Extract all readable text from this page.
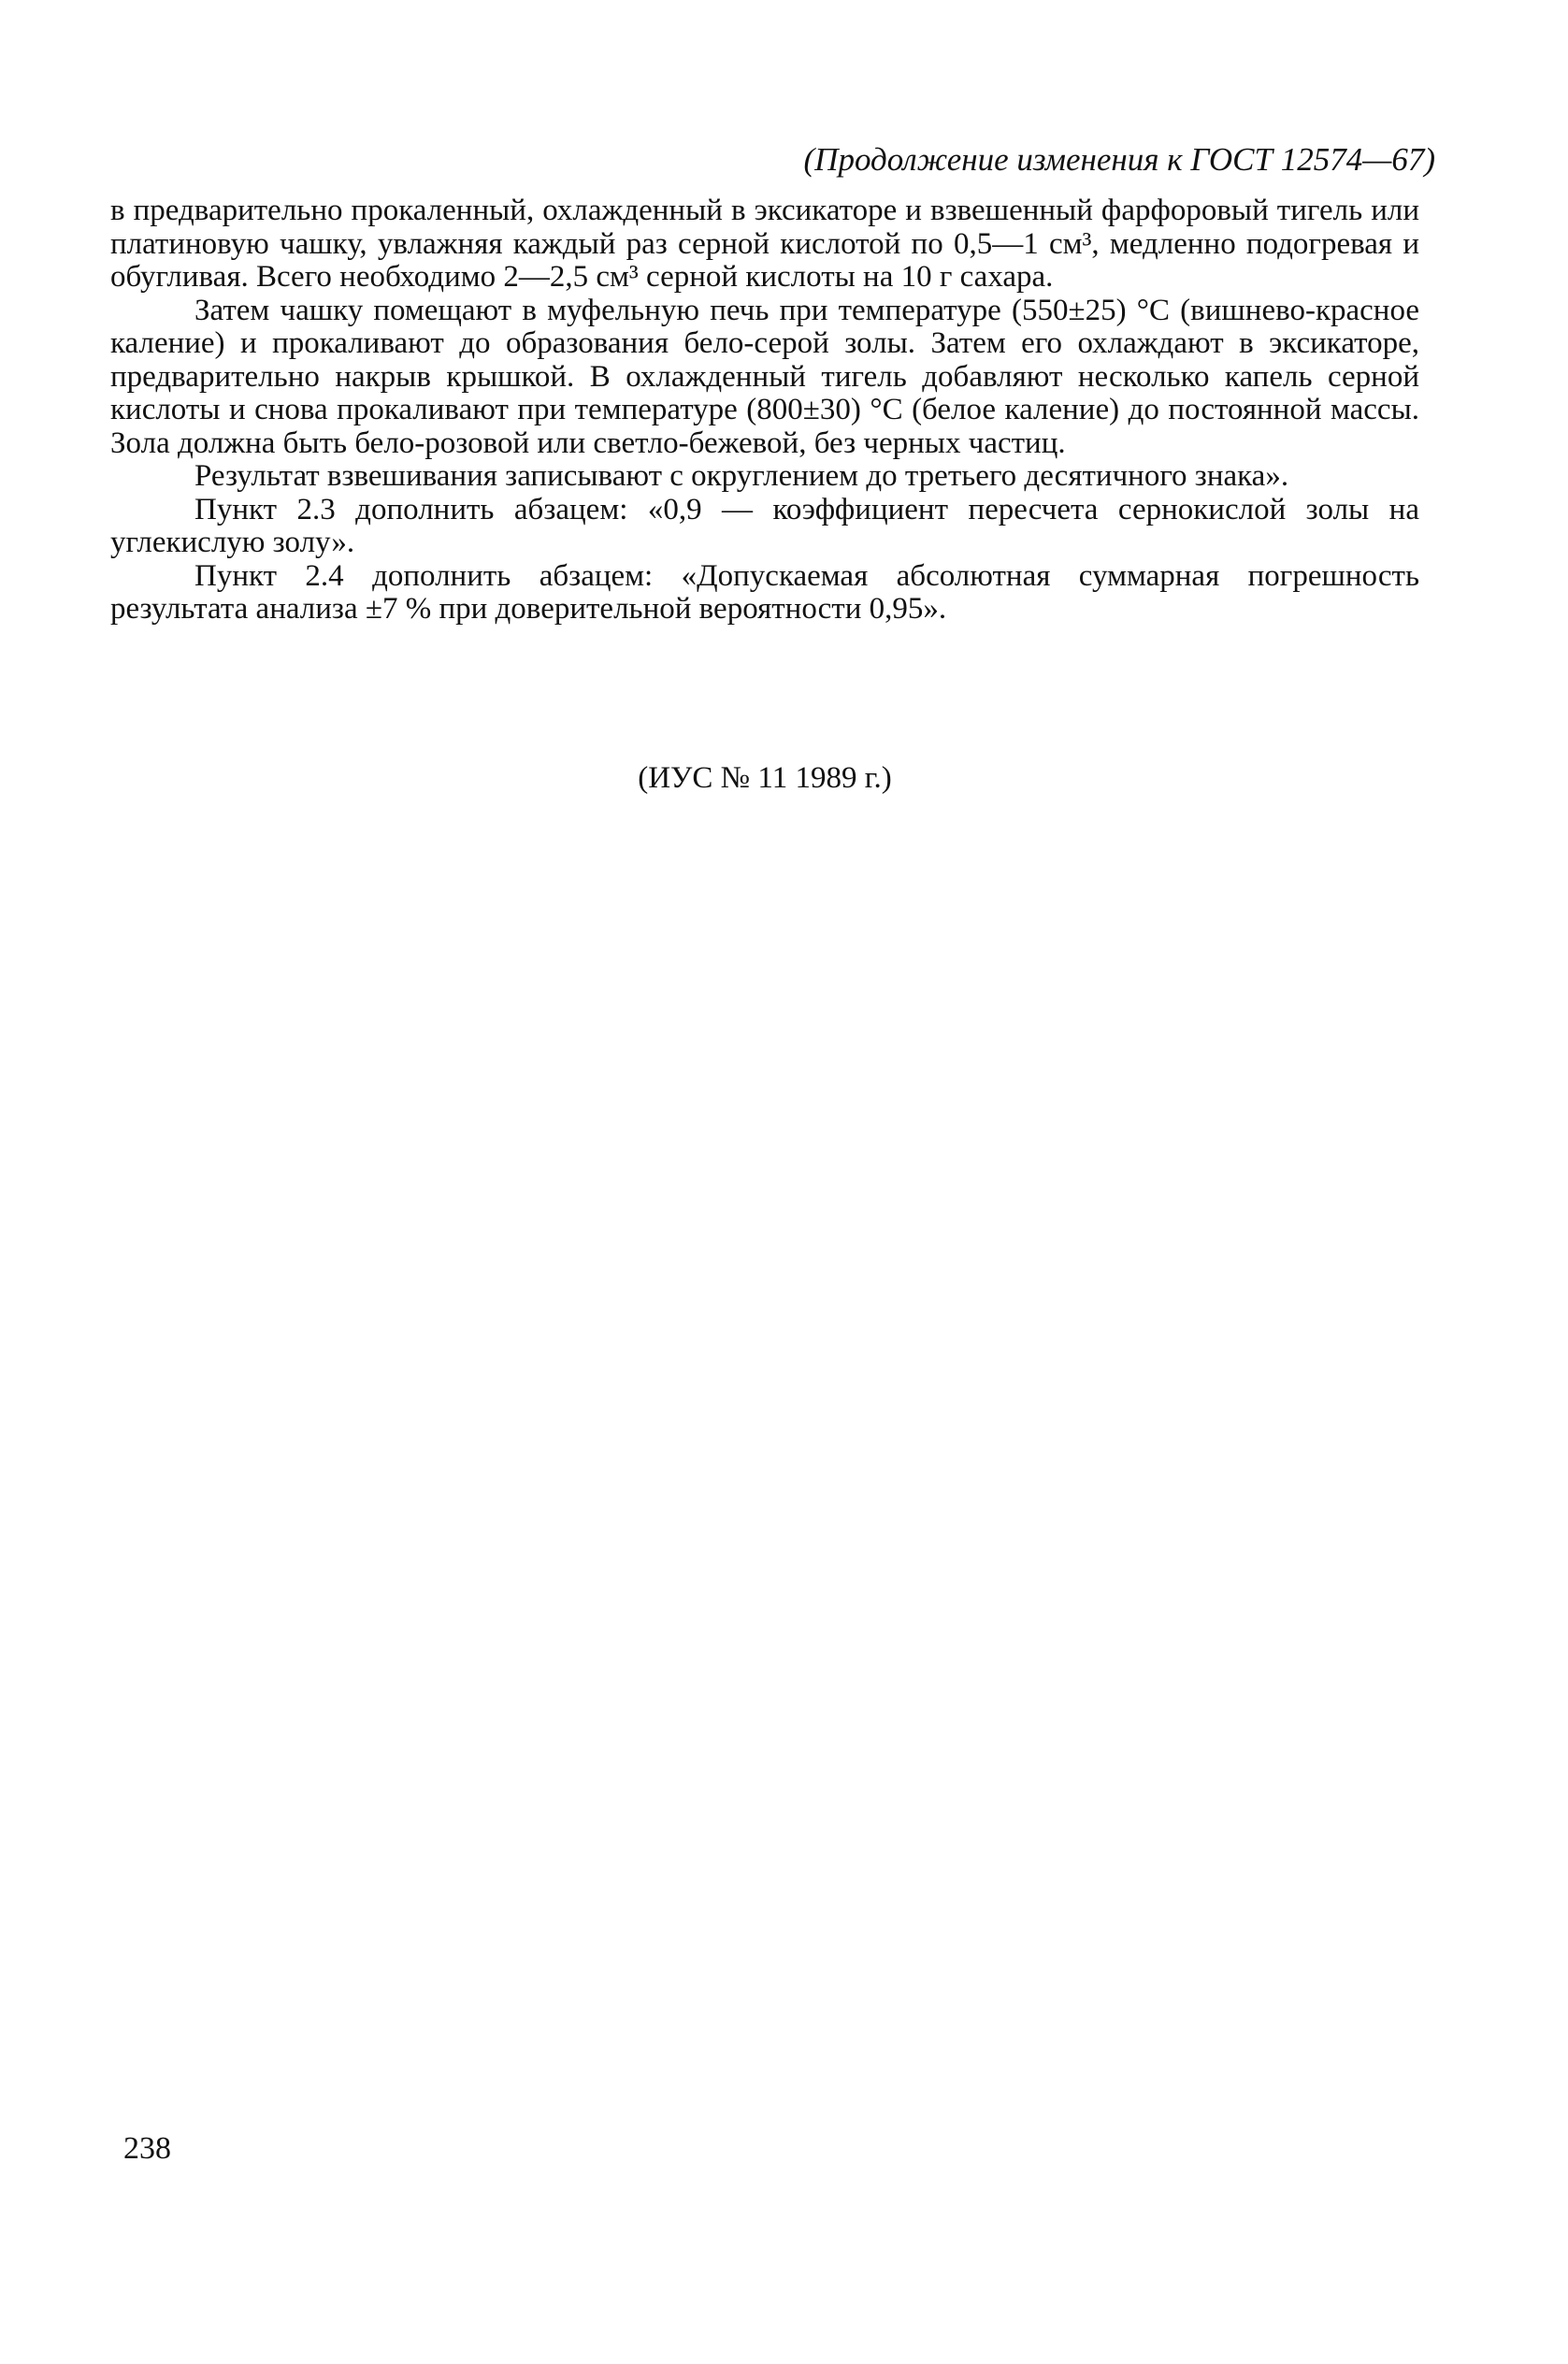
(Продолжение изменения к ГОСТ 12574—67)

в предварительно прокаленный, охлажденный в эксикаторе и взвешенный фарфоровый тигель или платиновую чашку, увлажняя каждый раз серной кислотой по 0,5—1 см³, медленно подогревая и обугливая. Всего необходимо 2—2,5 см³ серной кислоты на 10 г сахара.

Затем чашку помещают в муфельную печь при температуре (550±25) °С (вишнево-красное каление) и прокаливают до образования бело-серой золы. Затем его охлаждают в эксикаторе, предварительно накрыв крышкой. В охлажденный тигель добавляют несколько капель серной кислоты и снова прокаливают при температуре (800±30) °С (белое каление) до постоянной массы. Зола должна быть бело-розовой или светло-бежевой, без черных частиц.

Результат взвешивания записывают с округлением до третьего десятичного знака».

Пункт 2.3 дополнить абзацем: «0,9 — коэффициент пересчета сернокислой золы на углекислую золу».

Пункт 2.4 дополнить абзацем: «Допускаемая абсолютная суммарная погрешность результата анализа ±7 % при доверительной вероятности 0,95».

(ИУС № 11 1989 г.)
238
